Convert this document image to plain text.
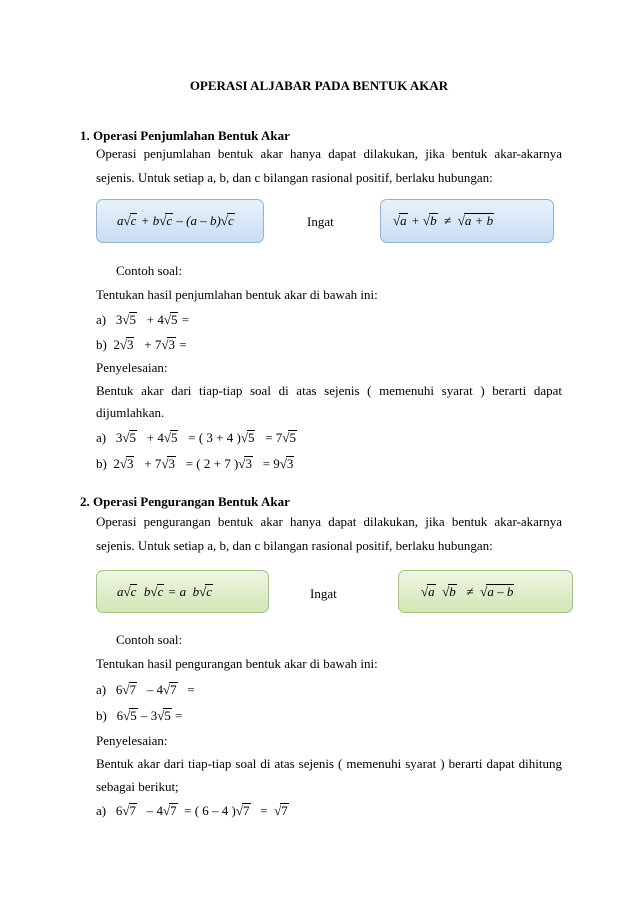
OPERASI ALJABAR PADA BENTUK AKAR
1. Operasi Penjumlahan Bentuk Akar
Operasi penjumlahan bentuk akar hanya dapat dilakukan, jika bentuk akar-akarnya
sejenis. Untuk setiap a, b, dan c bilangan rasional positif, berlaku hubungan:
a√c + b√c – (a – b)√c	Ingat	√a + √b ≠ √a + b
Contoh soal:
Tentukan hasil penjumlahan bentuk akar di bawah ini:
a) 3√5 + 4√5 =
b) 2√3 + 7√3 =
Penyelesaian:
Bentuk akar dari tiap-tiap soal di atas sejenis ( memenuhi syarat ) berarti dapat
dijumlahkan.
a) 3√5 + 4√5 = ( 3 + 4 )√5 = 7√5
b) 2√3 + 7√3 = ( 2 + 7 )√3 = 9√3
2. Operasi Pengurangan Bentuk Akar
Operasi pengurangan bentuk akar hanya dapat dilakukan, jika bentuk akar-akarnya
sejenis. Untuk setiap a, b, dan c bilangan rasional positif, berlaku hubungan:
a√c b√c = a b√c	Ingat	√a √b ≠ √a – b
Contoh soal:
Tentukan hasil pengurangan bentuk akar di bawah ini:
a) 6√7 – 4√7 =
b) 6√5 – 3√5 =
Penyelesaian:
Bentuk akar dari tiap-tiap soal di atas sejenis ( memenuhi syarat ) berarti dapat dihitung
sebagai berikut;
a) 6√7 – 4√7 = ( 6 – 4 )√7 =  √7
